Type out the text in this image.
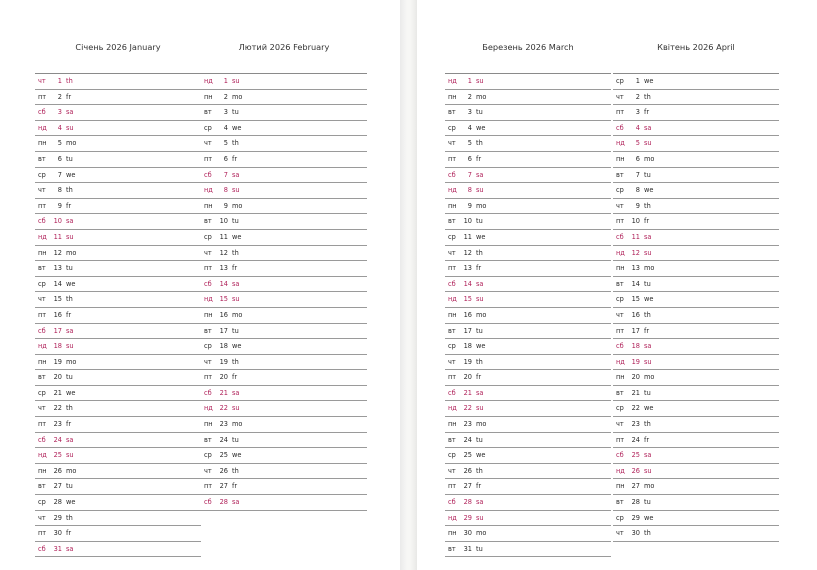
Січень 2026 January
чт	1 th
пт	2 fr
сб	3 sa
нд	4 su
пн	5 mo
вт	6 tu
ср	7 we
чт	8 th
пт	9 fr
сб 10 sa
нд 11 su
пн 12 mo
вт 13 tu
ср 14 we
чт 15 th
пт 16 fr
сб 17 sa
нд 18 su
пн 19 mo
вт 20 tu
ср 21 we
чт 22 th
пт 23 fr
сб 24 sa
нд 25 su
пн 26 mo
вт 27 tu
ср 28 we
чт 29 th
пт 30 fr
сб 31 sa
Лютий 2026 February
нд	1 su
пн	2 mo
вт	3 tu
ср	4 we
чт	5 th
пт	6 fr
сб	7 sa
нд	8 su
пн	9 mo
вт 10 tu
ср 11 we
чт 12 th
пт 13 fr
сб 14 sa
нд 15 su
пн 16 mo
вт 17 tu
ср 18 we
чт 19 th
пт 20 fr
сб 21 sa
нд 22 su
пн 23 mo
вт 24 tu
ср 25 we
чт 26 th
пт 27 fr
сб 28 sa
Березень 2026 March
нд	1 su
пн	2 mo
вт	3 tu
ср	4 we
чт	5 th
пт	6 fr
сб	7 sa
нд	8 su
пн	9 mo
вт 10 tu
ср 11 we
чт 12 th
пт 13 fr
сб 14 sa
нд 15 su
пн 16 mo
вт 17 tu
ср 18 we
чт 19 th
пт 20 fr
сб 21 sa
нд 22 su
пн 23 mo
вт 24 tu
ср 25 we
чт 26 th
пт 27 fr
сб 28 sa
нд 29 su
пн 30 mo
вт 31 tu
Квітень 2026 April
ср	1 we
чт	2 th
пт	3 fr
сб	4 sa
нд	5 su
пн	6 mo
вт	7 tu
ср	8 we
чт	9 th
пт 10 fr
сб 11 sa
нд 12 su
пн 13 mo
вт 14 tu
ср 15 we
чт 16 th
пт 17 fr
сб 18 sa
нд 19 su
пн 20 mo
вт 21 tu
ср 22 we
чт 23 th
пт 24 fr
сб 25 sa
нд 26 su
пн 27 mo
вт 28 tu
ср 29 we
чт 30 th
